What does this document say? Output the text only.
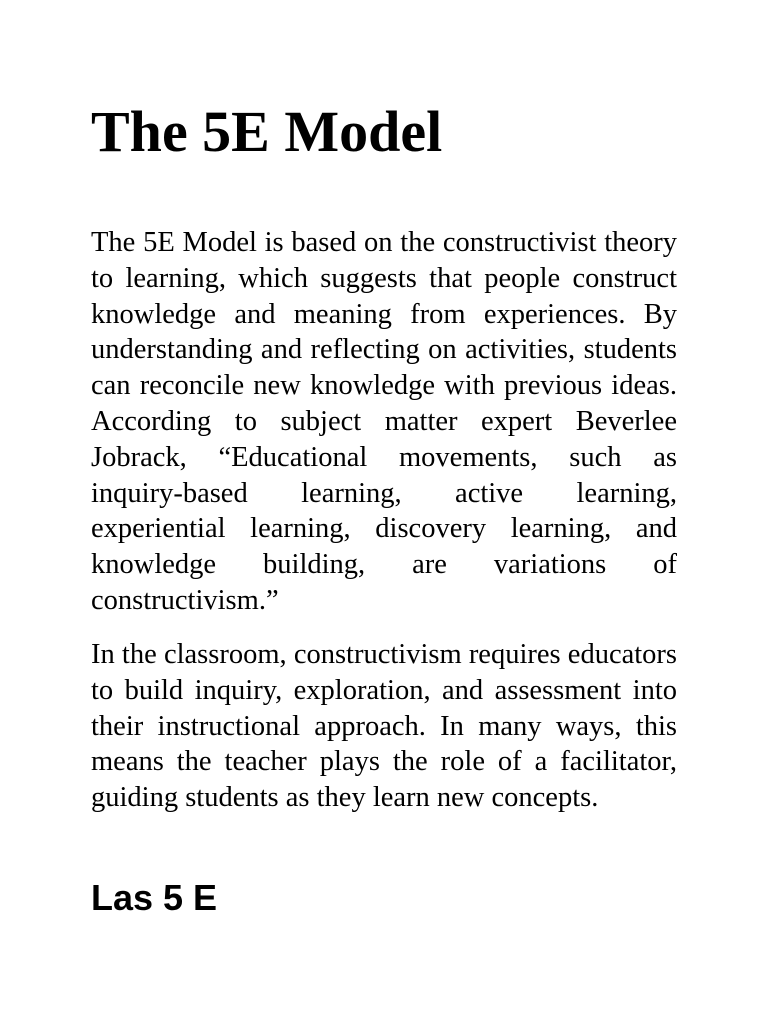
The 5E Model

The 5E Model is based on the constructivist theory to learning, which suggests that people construct knowledge and meaning from experiences. By understanding and reflecting on activities, students can reconcile new knowledge with previous ideas. According to subject matter expert Beverlee Jobrack, “Educational movements, such as inquiry-based learning, active learning, experiential learning, discovery learning, and knowledge building, are variations of constructivism.”

In the classroom, constructivism requires educators to build inquiry, exploration, and assessment into their instructional approach. In many ways, this means the teacher plays the role of a facilitator, guiding students as they learn new concepts.

Las 5 E
